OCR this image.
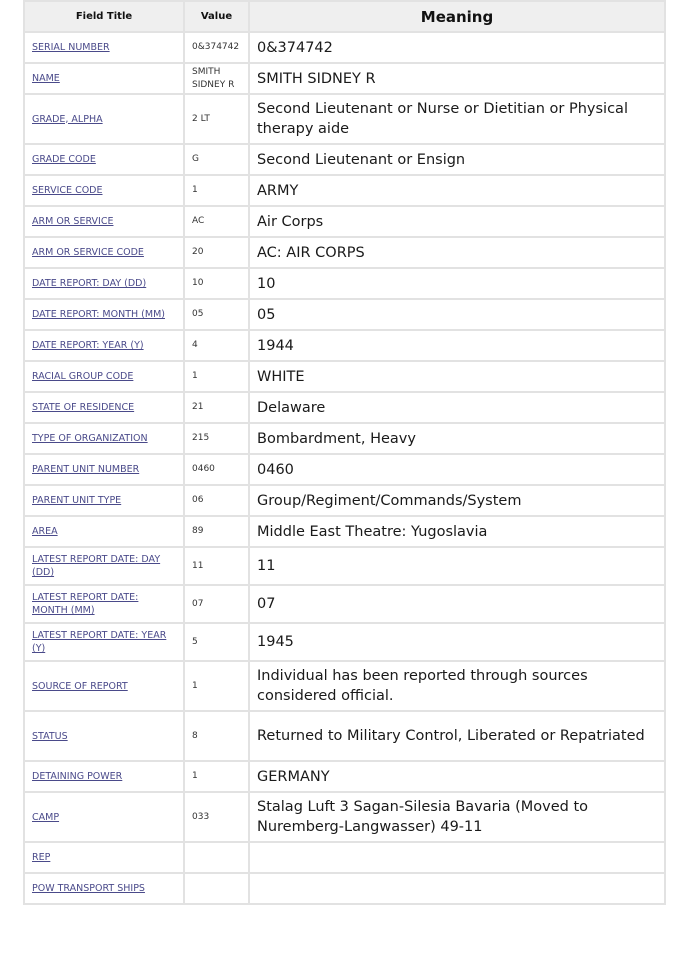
Field Title	Value	Meaning
SERIAL NUMBER	0&374742	0&374742
NAME	SMITH SIDNEY R	SMITH SIDNEY R
GRADE, ALPHA	2 LT	Second Lieutenant or Nurse or Dietitian or Physical therapy aide
GRADE CODE	G	Second Lieutenant or Ensign
SERVICE CODE	1	ARMY
ARM OR SERVICE	AC	Air Corps
ARM OR SERVICE CODE	20	AC: AIR CORPS
DATE REPORT: DAY (DD)	10	10
DATE REPORT: MONTH (MM)	05	05
DATE REPORT: YEAR (Y)	4	1944
RACIAL GROUP CODE	1	WHITE
STATE OF RESIDENCE	21	Delaware
TYPE OF ORGANIZATION	215	Bombardment, Heavy
PARENT UNIT NUMBER	0460	0460
PARENT UNIT TYPE	06	Group/Regiment/Commands/System
AREA	89	Middle East Theatre: Yugoslavia
LATEST REPORT DATE: DAY (DD)	11	11
LATEST REPORT DATE: MONTH (MM)	07	07
LATEST REPORT DATE: YEAR (Y)	5	1945
SOURCE OF REPORT	1	Individual has been reported through sources considered official.
STATUS	8	Returned to Military Control, Liberated or Repatriated
DETAINING POWER	1	GERMANY
CAMP	033	Stalag Luft 3 Sagan-Silesia Bavaria (Moved to Nuremberg-Langwasser) 49-11
REP		
POW TRANSPORT SHIPS		
